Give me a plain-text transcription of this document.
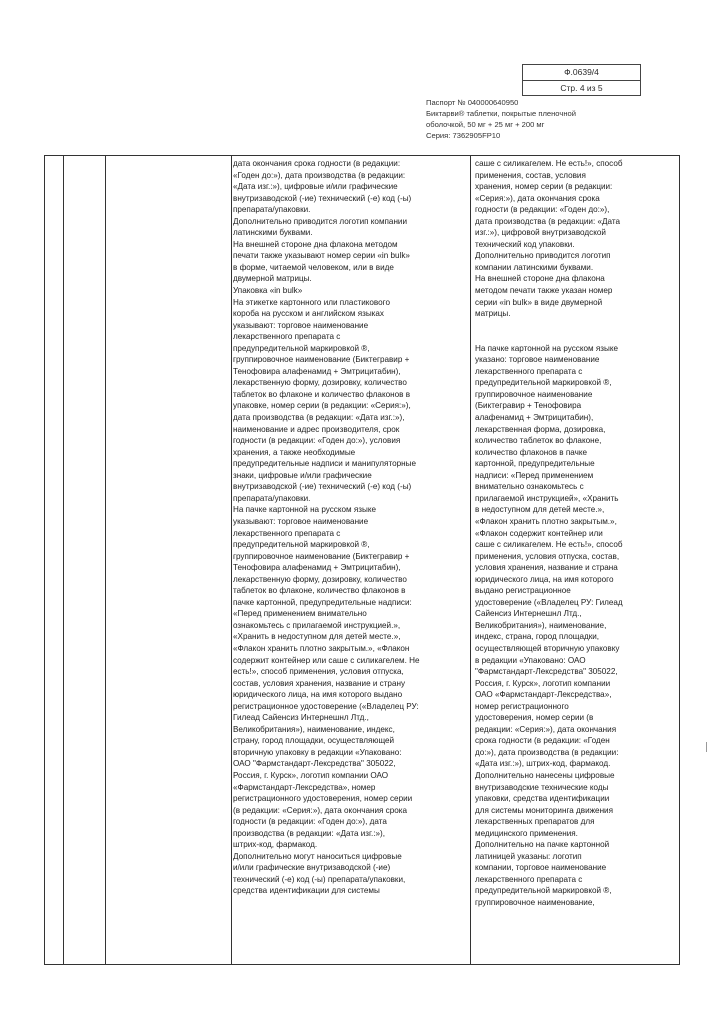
Ф.0639/4
Стр. 4 из 5
Паспорт № 040000640950
Биктарви® таблетки, покрытые пленочной
оболочкой, 50 мг + 25 мг + 200 мг
Серия: 7362905FP10
дата окончания срока годности (в редакции:
«Годен до:»), дата производства (в редакции:
«Дата изг.:»), цифровые и/или графические
внутризаводской (-ие) технический (-е) код (-ы)
препарата/упаковки.
Дополнительно приводится логотип компании
латинскими буквами.
На внешней стороне дна флакона методом
печати также указывают номер серии «in bulk»
в форме, читаемой человеком, или в виде
двумерной матрицы.
Упаковка «in bulk»
На этикетке картонного или пластикового
короба на русском и английском языках
указывают: торговое наименование
лекарственного препарата с
предупредительной маркировкой ®,
группировочное наименование (Биктегравир +
Тенофовира алафенамид + Эмтрицитабин),
лекарственную форму, дозировку, количество
таблеток во флаконе и количество флаконов в
упаковке, номер серии (в редакции: «Серия:»),
дата производства (в редакции: «Дата изг.:»),
наименование и адрес производителя, срок
годности (в редакции: «Годен до:»), условия
хранения, а также необходимые
предупредительные надписи и манипуляторные
знаки, цифровые и/или графические
внутризаводской (-ие) технический (-е) код (-ы)
препарата/упаковки.
На пачке картонной на русском языке
указывают: торговое наименование
лекарственного препарата с
предупредительной маркировкой ®,
группировочное наименование (Биктегравир +
Тенофовира алафенамид + Эмтрицитабин),
лекарственную форму, дозировку, количество
таблеток во флаконе, количество флаконов в
пачке картонной, предупредительные надписи:
«Перед применением внимательно
ознакомьтесь с прилагаемой инструкцией.»,
«Хранить в недоступном для детей месте.»,
«Флакон хранить плотно закрытым.», «Флакон
содержит контейнер или саше с силикагелем. Не
есть!», способ применения, условия отпуска,
состав, условия хранения, название и страну
юридического лица, на имя которого выдано
регистрационное удостоверение («Владелец РУ:
Гилеад Сайенсиз Интернешнл Лтд.,
Великобритания»), наименование, индекс,
страну, город площадки, осуществляющей
вторичную упаковку в редакции «Упаковано:
ОАО "Фармстандарт-Лексредства" 305022,
Россия, г. Курск», логотип компании ОАО
«Фармстандарт-Лексредства», номер
регистрационного удостоверения, номер серии
(в редакции: «Серия:»), дата окончания срока
годности (в редакции: «Годен до:»), дата
производства (в редакции: «Дата изг.:»),
штрих-код, фармакод.
Дополнительно могут наноситься цифровые
и/или графические внутризаводской (-ие)
технический (-е) код (-ы) препарата/упаковки,
средства идентификации для системы
саше с силикагелем. Не есть!», способ
применения, состав, условия
хранения, номер серии (в редакции:
«Серия:»), дата окончания срока
годности (в редакции: «Годен до:»),
дата производства (в редакции: «Дата
изг.:»), цифровой внутризаводской
технический код упаковки.
Дополнительно приводится логотип
компании латинскими буквами.
На внешней стороне дна флакона
методом печати также указан номер
серии «in bulk» в виде двумерной
матрицы.

На пачке картонной на русском языке
указано: торговое наименование
лекарственного препарата с
предупредительной маркировкой ®,
группировочное наименование
(Биктегравир + Тенофовира
алафенамид + Эмтрицитабин),
лекарственная форма, дозировка,
количество таблеток во флаконе,
количество флаконов в пачке
картонной, предупредительные
надписи: «Перед применением
внимательно ознакомьтесь с
прилагаемой инструкцией», «Хранить
в недоступном для детей месте.»,
«Флакон хранить плотно закрытым.»,
«Флакон содержит контейнер или
саше с силикагелем. Не есть!», способ
применения, условия отпуска, состав,
условия хранения, название и страна
юридического лица, на имя которого
выдано регистрационное
удостоверение («Владелец РУ: Гилеад
Сайенсиз Интернешнл Лтд.,
Великобритания»), наименование,
индекс, страна, город площадки,
осуществляющей вторичную упаковку
в редакции «Упаковано: ОАО
"Фармстандарт-Лексредства" 305022,
Россия, г. Курск», логотип компании
ОАО «Фармстандарт-Лексредства»,
номер регистрационного
удостоверения, номер серии (в
редакции: «Серия:»), дата окончания
срока годности (в редакции: «Годен
до:»), дата производства (в редакции:
«Дата изг.:»), штрих-код, фармакод.
Дополнительно нанесены цифровые
внутризаводские технические коды
упаковки, средства идентификации
для системы мониторинга движения
лекарственных препаратов для
медицинского применения.
Дополнительно на пачке картонной
латиницей указаны: логотип
компании, торговое наименование
лекарственного препарата с
предупредительной маркировкой ®,
группировочное наименование,
